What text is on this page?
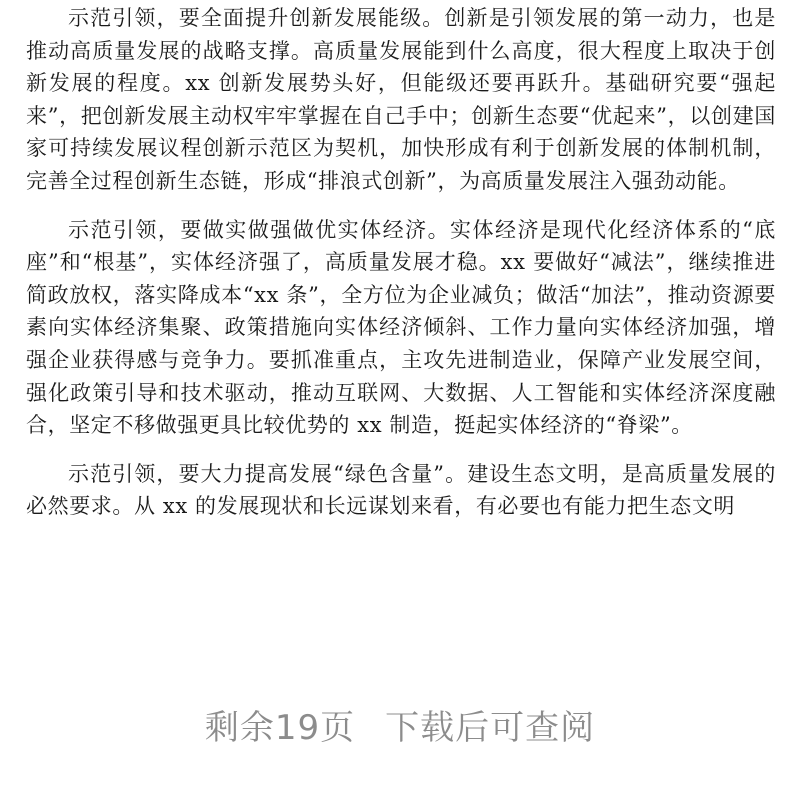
示范引领，要全面提升创新发展能级。创新是引领发展的第一动力，也是推动高质量发展的战略支撑。高质量发展能到什么高度，很大程度上取决于创新发展的程度。xx 创新发展势头好，但能级还要再跃升。基础研究要“强起来”，把创新发展主动权牢牢掌握在自己手中；创新生态要“优起来”，以创建国家可持续发展议程创新示范区为契机，加快形成有利于创新发展的体制机制，完善全过程创新生态链，形成“排浪式创新”，为高质量发展注入强劲动能。

示范引领，要做实做强做优实体经济。实体经济是现代化经济体系的“底座”和“根基”，实体经济强了，高质量发展才稳。xx 要做好“减法”，继续推进简政放权，落实降成本“xx 条”，全方位为企业减负；做活“加法”，推动资源要素向实体经济集聚、政策措施向实体经济倾斜、工作力量向实体经济加强，增强企业获得感与竞争力。要抓准重点，主攻先进制造业，保障产业发展空间，强化政策引导和技术驱动，推动互联网、大数据、人工智能和实体经济深度融合，坚定不移做强更具比较优势的 xx 制造，挺起实体经济的“脊梁”。

示范引领，要大力提高发展“绿色含量”。建设生态文明，是高质量发展的必然要求。从 xx 的发展现状和长远谋划来看，有必要也有能力把生态文明

剩余19页 下载后可查阅
